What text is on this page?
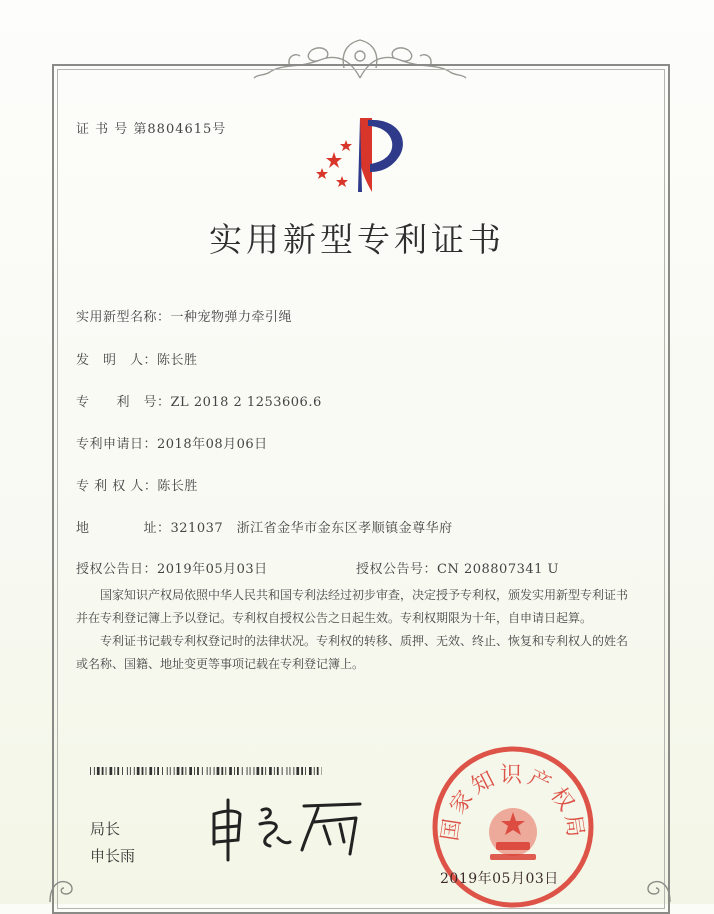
证 书 号 第8804615号
实用新型专利证书
实用新型名称：一种宠物弹力牵引绳
发　明　人：陈长胜
专　　利　号：ZL 2018 2 1253606.6
专利申请日：2018年08月06日
专 利 权 人：陈长胜
地　　　　址：321037　浙江省金华市金东区孝顺镇金尊华府
授权公告日：2019年05月03日	授权公告号：CN 208807341 U

国家知识产权局依照中华人民共和国专利法经过初步审查，决定授予专利权，颁发实用新型专利证书并在专利登记簿上予以登记。专利权自授权公告之日起生效。专利权期限为十年，自申请日起算。

专利证书记载专利权登记时的法律状况。专利权的转移、质押、无效、终止、恢复和专利权人的姓名或名称、国籍、地址变更等事项记载在专利登记簿上。

局长
申长雨
国家知识产权局
2019年05月03日
